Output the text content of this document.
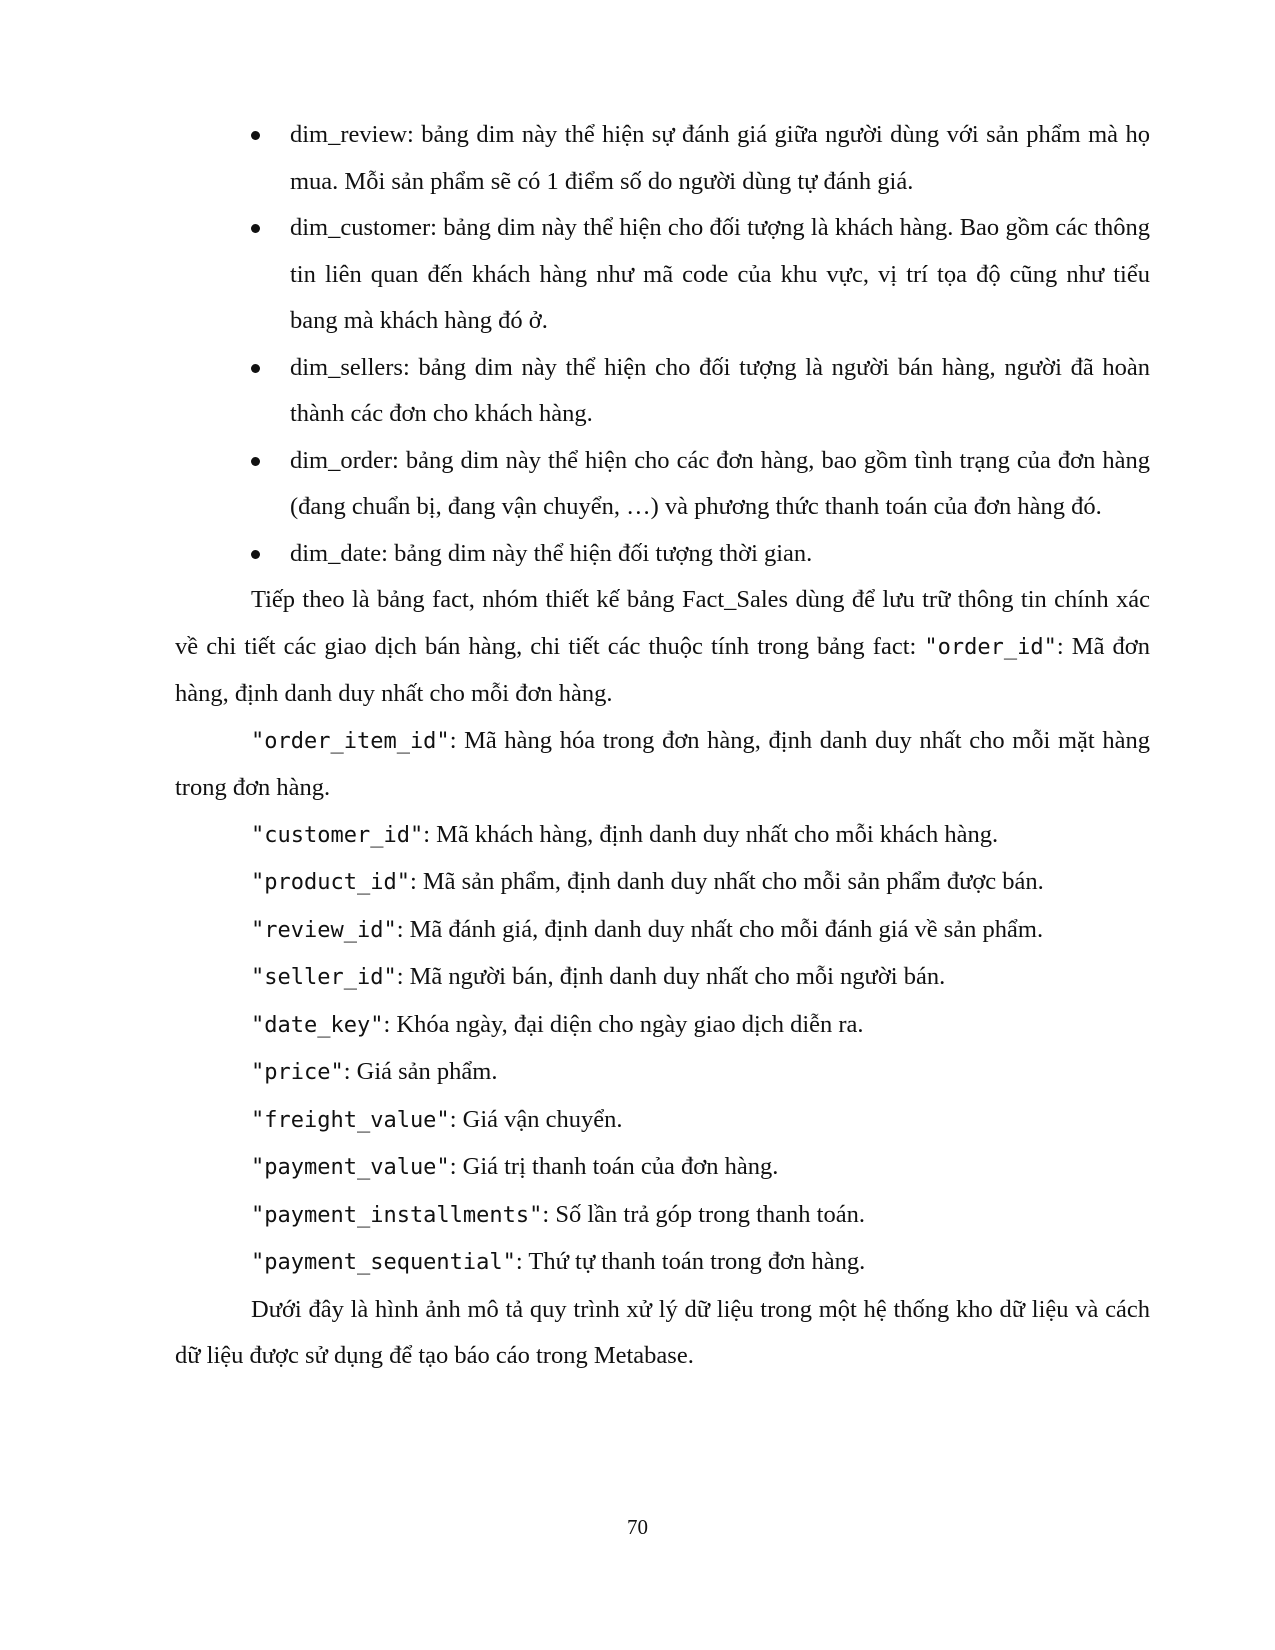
dim_review: bảng dim này thể hiện sự đánh giá giữa người dùng với sản phẩm mà họ mua. Mỗi sản phẩm sẽ có 1 điểm số do người dùng tự đánh giá.
dim_customer: bảng dim này thể hiện cho đối tượng là khách hàng. Bao gồm các thông tin liên quan đến khách hàng như mã code của khu vực, vị trí tọa độ cũng như tiểu bang mà khách hàng đó ở.
dim_sellers: bảng dim này thể hiện cho đối tượng là người bán hàng, người đã hoàn thành các đơn cho khách hàng.
dim_order: bảng dim này thể hiện cho các đơn hàng, bao gồm tình trạng của đơn hàng (đang chuẩn bị, đang vận chuyển, …) và phương thức thanh toán của đơn hàng đó.
dim_date: bảng dim này thể hiện đối tượng thời gian.

Tiếp theo là bảng fact, nhóm thiết kế bảng Fact_Sales dùng để lưu trữ thông tin chính xác về chi tiết các giao dịch bán hàng, chi tiết các thuộc tính trong bảng fact: "order_id": Mã đơn hàng, định danh duy nhất cho mỗi đơn hàng.

"order_item_id": Mã hàng hóa trong đơn hàng, định danh duy nhất cho mỗi mặt hàng trong đơn hàng.

"customer_id": Mã khách hàng, định danh duy nhất cho mỗi khách hàng.

"product_id": Mã sản phẩm, định danh duy nhất cho mỗi sản phẩm được bán.

"review_id": Mã đánh giá, định danh duy nhất cho mỗi đánh giá về sản phẩm.

"seller_id": Mã người bán, định danh duy nhất cho mỗi người bán.

"date_key": Khóa ngày, đại diện cho ngày giao dịch diễn ra.

"price": Giá sản phẩm.

"freight_value": Giá vận chuyển.

"payment_value": Giá trị thanh toán của đơn hàng.

"payment_installments": Số lần trả góp trong thanh toán.

"payment_sequential": Thứ tự thanh toán trong đơn hàng.

Dưới đây là hình ảnh mô tả quy trình xử lý dữ liệu trong một hệ thống kho dữ liệu và cách dữ liệu được sử dụng để tạo báo cáo trong Metabase.

70
